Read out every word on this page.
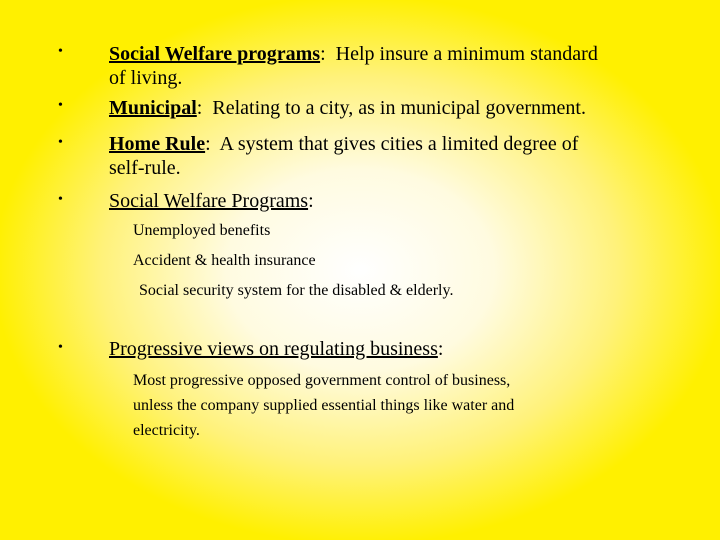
• Social Welfare programs:  Help insure a minimum standard
of living.
• Municipal:  Relating to a city, as in municipal government.
• Home Rule:  A system that gives cities a limited degree of
self-rule.
• Social Welfare Programs:
Unemployed benefits
Accident & health insurance
Social security system for the disabled & elderly.
• Progressive views on regulating business:
Most progressive opposed government control of business,
unless the company supplied essential things like water and
electricity.
